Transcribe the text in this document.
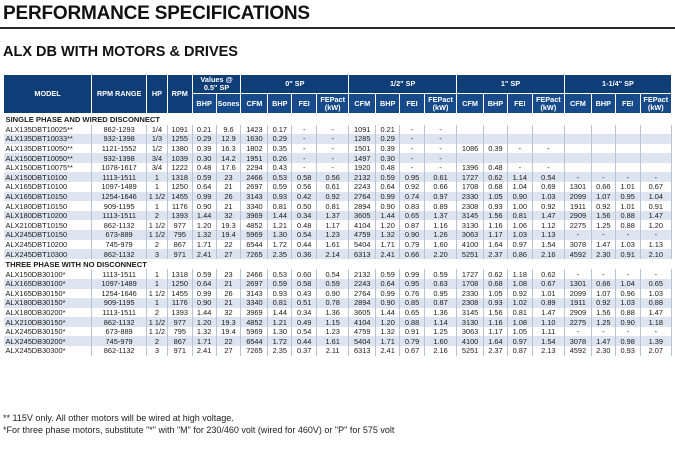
PERFORMANCE SPECIFICATIONS
ALX DB WITH MOTORS & DRIVES
MODEL	RPM RANGE	HP	RPM	Values @ 0.5" SP		0" SP				1/2" SP				1" SP				1-1/4" SP			
				BHP	Sones	CFM	BHP	FEI	FEPact (kW)	CFM	BHP	FEI	FEPact (kW)	CFM	BHP	FEI	FEPact (kW)	CFM	BHP	FEI	FEPact (kW)
SINGLE PHASE AND WIRED DISCONNECT																					
ALX135DBT10025**	862-1293	1/4	1091	0.21	9.6	1423	0.17	-	-	1091	0.21	-	-								
ALX135DBT10033**	932-1398	1/3	1255	0.29	12.9	1630	0.29	-	-	1285	0.29	-	-								
ALX135DBT10050**	1121-1552	1/2	1380	0.39	16.3	1802	0.35	-	-	1501	0.39	-	-	1086	0.39	-	-				
ALX150DBT10050**	932-1398	3/4	1039	0.30	14.2	1951	0.26	-	-	1497	0.30	-	-								
ALX150DBT10075**	1078-1617	3/4	1222	0.48	17.6	2294	0.43	-	-	1920	0.48	-	-	1396	0.48	-	-				
ALX150DBT10100	1113-1511	1	1318	0.59	23	2466	0.53	0.58	0.56	2132	0.59	0.95	0.61	1727	0.62	1.14	0.54	-	-	-	-
ALX165DBT10100	1097-1489	1	1250	0.64	21	2697	0.59	0.56	0.61	2243	0.64	0.92	0.66	1708	0.68	1.04	0.69	1301	0.66	1.01	0.67
ALX165DBT10150	1254-1646	1 1/2	1455	0.99	26	3143	0.93	0.42	0.92	2764	0.99	0.74	0.97	2330	1.05	0.90	1.03	2099	1.07	0.95	1.04
ALX180DBT10150	909-1195	1	1176	0.90	21	3340	0.81	0.50	0.81	2894	0.90	0.83	0.89	2308	0.93	1.00	0.92	1911	0.92	1.01	0.91
ALX180DBT10200	1113-1511	2	1393	1.44	32	3969	1.44	0.34	1.37	3605	1.44	0.65	1.37	3145	1.56	0.81	1.47	2909	1.56	0.88	1.47
ALX210DBT10150	862-1132	1 1/2	977	1.20	19.3	4852	1.21	0.48	1.17	4104	1.20	0.87	1.16	3130	1.16	1.06	1.12	2275	1.25	0.88	1.20
ALX245DBT10150	673-889	1 1/2	795	1.32	19.4	5969	1.30	0.54	1.23	4759	1.32	0.90	1.26	3063	1.17	1.03	1.13	-	-	-	-
ALX245DBT10200	745-979	2	867	1.71	22	6544	1.72	0.44	1.61	5404	1.71	0.79	1.60	4100	1.64	0.97	1.54	3078	1.47	1.03	1.13
ALX245DBT10300	862-1132	3	971	2.41	27	7265	2.35	0.36	2.14	6313	2.41	0.66	2.20	5251	2.37	0.86	2.16	4592	2.30	0.91	2.10
THREE PHASE WITH NO DISCONNECT																					
ALX150DB30100*	1113-1511	1	1318	0.59	23	2466	0.53	0.60	0.54	2132	0.59	0.99	0.59	1727	0.62	1.18	0.62	-	-	-	-
ALX165DB30100*	1097-1489	1	1250	0.64	21	2697	0.59	0.58	0.59	2243	0.64	0.95	0.63	1708	0.68	1.08	0.67	1301	0.66	1.04	0.65
ALX165DB30150*	1254-1646	1 1/2	1455	0.99	26	3143	0.93	0.43	0.90	2764	0.99	0.76	0.95	2330	1.05	0.92	1.01	2099	1.07	0.96	1.03
ALX180DB30150*	909-1195	1	1176	0.90	21	3340	0.81	0.51	0.78	2894	0.90	0.85	0.87	2308	0.93	1.02	0.89	1911	0.92	1.03	0.88
ALX180DB30200*	1113-1511	2	1393	1.44	32	3969	1.44	0.34	1.36	3605	1.44	0.65	1.36	3145	1.56	0.81	1.47	2909	1.56	0.88	1.47
ALX210DB30150*	862-1132	1 1/2	977	1.20	19.3	4852	1.21	0.49	1.15	4104	1.20	0.88	1.14	3130	1.16	1.08	1.10	2275	1.25	0.90	1.18
ALX245DB30150*	673-889	1 1/2	795	1.32	19.4	5969	1.30	0.54	1.23	4759	1.32	0.91	1.25	3063	1.17	1.05	1.11	-	-	-	-
ALX245DB30200*	745-979	2	867	1.71	22	6544	1.72	0.44	1.61	5404	1.71	0.79	1.60	4100	1.64	0.97	1.54	3078	1.47	0.98	1.39
ALX245DB30300*	862-1132	3	971	2.41	27	7265	2.35	0.37	2.11	6313	2.41	0.67	2.16	5251	2.37	0.87	2.13	4592	2.30	0.93	2.07
** 115V only. All other motors will be wired at high voltage.
*For three phase motors, substitute "*" with "M" for 230/460 volt (wired for 460V) or "P" for 575 volt
